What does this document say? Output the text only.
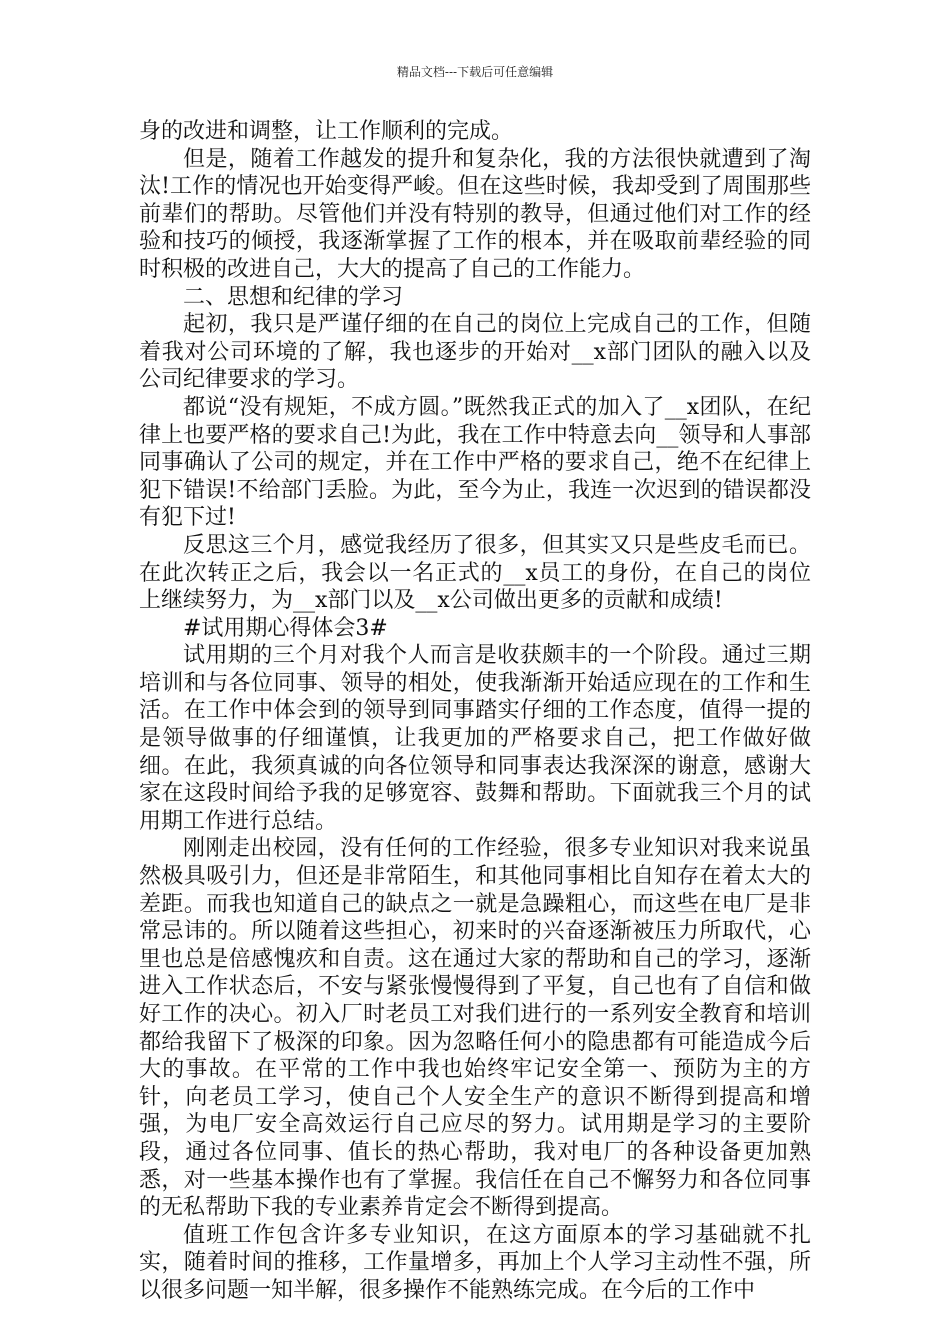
精品文档---下载后可任意编辑

身的改进和调整，让工作顺利的完成。

但是，随着工作越发的提升和复杂化，我的方法很快就遭到了淘汰!工作的情况也开始变得严峻。但在这些时候，我却受到了周围那些前辈们的帮助。尽管他们并没有特别的教导，但通过他们对工作的经验和技巧的倾授，我逐渐掌握了工作的根本，并在吸取前辈经验的同时积极的改进自己，大大的提高了自己的工作能力。

二、思想和纪律的学习

起初，我只是严谨仔细的在自己的岗位上完成自己的工作，但随着我对公司环境的了解，我也逐步的开始对__x部门团队的融入以及公司纪律要求的学习。

都说“没有规矩，不成方圆。”既然我正式的加入了__x团队，在纪律上也要严格的要求自己!为此，我在工作中特意去向__领导和人事部同事确认了公司的规定，并在工作中严格的要求自己，绝不在纪律上犯下错误!不给部门丢脸。为此，至今为止，我连一次迟到的错误都没有犯下过!

反思这三个月，感觉我经历了很多，但其实又只是些皮毛而已。在此次转正之后，我会以一名正式的__x员工的身份，在自己的岗位上继续努力，为__x部门以及__x公司做出更多的贡献和成绩!

#试用期心得体会3#

试用期的三个月对我个人而言是收获颇丰的一个阶段。通过三期培训和与各位同事、领导的相处，使我渐渐开始适应现在的工作和生活。在工作中体会到的领导到同事踏实仔细的工作态度，值得一提的是领导做事的仔细谨慎，让我更加的严格要求自己，把工作做好做细。在此，我须真诚的向各位领导和同事表达我深深的谢意，感谢大家在这段时间给予我的足够宽容、鼓舞和帮助。下面就我三个月的试用期工作进行总结。

刚刚走出校园，没有任何的工作经验，很多专业知识对我来说虽然极具吸引力，但还是非常陌生，和其他同事相比自知存在着太大的差距。而我也知道自己的缺点之一就是急躁粗心，而这些在电厂是非常忌讳的。所以随着这些担心，初来时的兴奋逐渐被压力所取代，心里也总是倍感愧疚和自责。这在通过大家的帮助和自己的学习，逐渐进入工作状态后，不安与紧张慢慢得到了平复，自己也有了自信和做好工作的决心。初入厂时老员工对我们进行的一系列安全教育和培训都给我留下了极深的印象。因为忽略任何小的隐患都有可能造成今后大的事故。在平常的工作中我也始终牢记安全第一、预防为主的方针，向老员工学习，使自己个人安全生产的意识不断得到提高和增强，为电厂安全高效运行自己应尽的努力。试用期是学习的主要阶段，通过各位同事、值长的热心帮助，我对电厂的各种设备更加熟悉，对一些基本操作也有了掌握。我信任在自己不懈努力和各位同事的无私帮助下我的专业素养肯定会不断得到提高。

值班工作包含许多专业知识，在这方面原本的学习基础就不扎实，随着时间的推移，工作量增多，再加上个人学习主动性不强，所以很多问题一知半解，很多操作不能熟练完成。在今后的工作中
